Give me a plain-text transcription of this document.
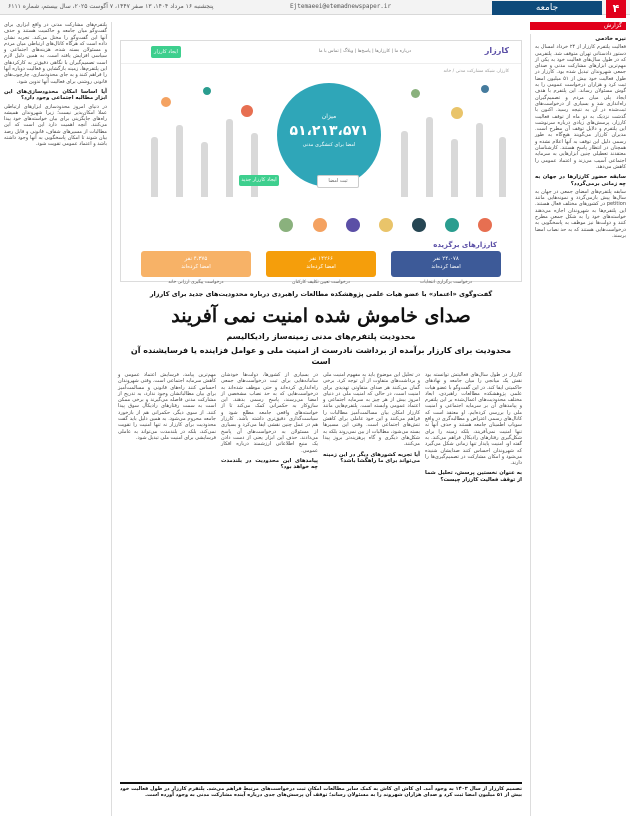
۴
جامعه
Ejtemaeei@etemadnewspaper.ir
پنجشنبه ۱۶ مرداد ۱۴۰۴، ۱۳ صفر ۱۴۴۷، ۷ آگوست ۲۰۲۵، سال بیستم، شماره ۶۱۱۱
گزارش
نیره خادمی
فعالیت پلتفرم کارزار از ۲۴ خرداد امسال به دستور دادستانی تهران متوقف شد. پلتفرمی که در طول سال‌های فعالیت خود به یکی از مهم‌ترین ابزارهای مشارکت مدنی و صدای جمعی شهروندان تبدیل شده بود. کارزار در طول فعالیت خود بیش از ۵۱ میلیون امضا ثبت کرد و هزاران درخواست عمومی را به گوش مسئولان رساند. این پلتفرم با هدف ایجاد پلی میان مردم و تصمیم‌گیران راه‌اندازی شد و بسیاری از درخواست‌های ثبت‌شده در آن به نتیجه رسید. اکنون با گذشت نزدیک به دو ماه از توقف فعالیت کارزار، پرسش‌های زیادی درباره سرنوشت این پلتفرم و دلایل توقف آن مطرح است. مدیران کارزار می‌گویند هیچ‌گاه به طور رسمی دلیل این توقف به آنها اعلام نشده و همچنان در انتظار پاسخ هستند. کارشناسان معتقدند تعطیلی چنین ابزارهایی به سرمایه اجتماعی آسیب می‌زند و اعتماد عمومی را کاهش می‌دهد.
سابقه حضور کارزار‌ها در جهان به چه زمانی برمی‌گردد؟
سابقه پلتفرم‌های امضای جمعی در جهان به سال‌ها پیش بازمی‌گردد و نمونه‌هایی مانند petition در کشورهای مختلف فعال هستند. این پلتفرم‌ها به شهروندان اجازه می‌دهند خواسته‌های خود را به شکل جمعی مطرح کنند و دولت‌ها نیز موظف به پاسخگویی به درخواست‌هایی هستند که به حد نصاب امضا برسند.
کارزار
درباره ما | کارزارها | پاسخ‌ها | وبلاگ | تماس با ما
ایجاد کارزار
کارزار، شبکه مشارکت مدنی / خانه
میزان
۵۱،۲۱۳،۵۷۱
امضا برای کنشگری مدنی
ایجاد کارزار جدید	ثبت امضا

کارزارهای برگزیده
۲۴،۰۷۸ نفر
امضا کرده‌اند
درخواست برگزاری انتخابات
۱۴۲۶۶ نفر
امضا کرده‌اند
درخواست تعیین تکلیف کارکنان
۴،۳۷۵ نفر
امضا کرده‌اند
درخواست پیگیری ارزانی خانه
گفت‌وگوی «اعتماد» با عضو هیات علمی پژوهشکده مطالعات راهبردی درباره محدودیت‌های جدید برای کارزار
صدای خاموش شده امنیت نمی آفریند
محدودیت پلتفرم‌های مدنی زمینه‌ساز رادیکالیسم
محدودیت برای کارزار برآمده از برداشت نادرست از امنیت ملی و عوامل فزاینده یا فرسایشنده آن است
کارزار در طول سال‌های فعالیتش توانسته بود نقش یک میانجی را میان جامعه و نهادهای حاکمیتی ایفا کند. در این گفت‌وگو با عضو هیات علمی پژوهشکده مطالعات راهبردی، ابعاد مختلف محدودیت‌های اعمال‌شده بر این پلتفرم و پیامدهای آن بر سرمایه اجتماعی و امنیت ملی را بررسی کرده‌ایم. او معتقد است که کانال‌های رسمی اعتراض و مطالبه‌گری در واقع سوپاپ اطمینان جامعه هستند و حذف آنها نه تنها امنیت نمی‌آفریند، بلکه زمینه را برای شکل‌گیری رفتارهای رادیکال فراهم می‌کند. به گفته او، امنیت پایدار تنها زمانی شکل می‌گیرد که شهروندان احساس کنند صدایشان شنیده می‌شود و امکان مشارکت در تصمیم‌گیری‌ها را دارند.
به عنوان نخستین پرسش، تحلیل شما از توقف فعالیت کارزار چیست؟
در تحلیل این موضوع باید به مفهوم امنیت ملی و برداشت‌های متفاوت از آن توجه کرد. برخی گمان می‌کنند هر صدای متفاوتی تهدیدی برای امنیت است، در حالی که امنیت ملی در دنیای امروز بیش از هر چیز به سرمایه اجتماعی و اعتماد عمومی وابسته است. پلتفرم‌هایی مانند کارزار امکان بیان مسالمت‌آمیز مطالبات را فراهم می‌کنند و این خود عاملی برای کاهش تنش‌های اجتماعی است. وقتی این مسیرها بسته می‌شود، مطالبات از بین نمی‌روند بلکه به شکل‌های دیگری و گاه پرهزینه‌تر بروز پیدا می‌کنند.
آیا تجربه کشورهای دیگر در این زمینه می‌تواند برای ما راهگشا باشد؟
در بسیاری از کشورها، دولت‌ها خودشان سامانه‌هایی برای ثبت درخواست‌های جمعی راه‌اندازی کرده‌اند و حتی موظف شده‌اند به درخواست‌هایی که به حد نصاب مشخصی از امضا می‌رسند، پاسخ رسمی بدهند. این سازوکار به حکمرانی کمک می‌کند تا از خواسته‌های واقعی جامعه مطلع شود و سیاست‌گذاری دقیق‌تری داشته باشد. کارزار هم در عمل چنین نقشی ایفا می‌کرد و بسیاری از مسئولان به درخواست‌های آن پاسخ می‌دادند. حذف این ابزار یعنی از دست دادن یک منبع اطلاعاتی ارزشمند درباره افکار عمومی.
پیامدهای این محدودیت در بلندمدت چه خواهد بود؟
مهم‌ترین پیامد، فرسایش اعتماد عمومی و کاهش سرمایه اجتماعی است. وقتی شهروندان احساس کنند راه‌های قانونی و مسالمت‌آمیز برای بیان مطالباتشان وجود ندارد، به تدریج از مشارکت مدنی فاصله می‌گیرند و برخی ممکن است به سمت رفتارهای رادیکال سوق پیدا کنند. از سوی دیگر، حکمرانی هم از بازخورد جامعه محروم می‌شود. به همین دلیل باید گفت محدودیت برای کارزار نه تنها امنیت را تقویت نمی‌کند، بلکه در بلندمدت می‌تواند به عاملی فرسایشی برای امنیت ملی تبدیل شود.
تصمیم کارزار از سال ۱۴۰۳ به وجود آمد. ای کاش ای کاش به کمک سایر مطالعات امکان ثبت درخواست‌های مرتبط فراهم می‌شد. پلتفرم کارزار در طول فعالیت خود بیش از ۵۱ میلیون امضا ثبت کرد و صدای هزاران شهروند را به مسئولان رساند؛ توقف آن پرسش‌های جدی درباره آینده مشارکت مدنی به وجود آورده است.
پلتفرم‌های مشارکت مدنی در واقع ابزاری برای گفت‌وگو میان جامعه و حاکمیت هستند و حذف آنها این گفت‌وگو را مختل می‌کند. تجربه نشان داده است که هرگاه کانال‌های ارتباطی میان مردم و مسئولان بسته شده، هزینه‌های اجتماعی و سیاسی افزایش یافته است. به همین دلیل لازم است تصمیم‌گیران با نگاهی دقیق‌تر به کارکردهای این پلتفرم‌ها، زمینه بازگشایی و فعالیت دوباره آنها را فراهم کنند و به جای محدودسازی، چارچوب‌های قانونی روشنی برای فعالیت آنها تدوین شود.
آیا اساسا امکان محدودسازی‌های این ابزار مطالبه اجتماعی وجود دارد؟
در دنیای امروز محدودسازی ابزارهای ارتباطی عملا امکان‌پذیر نیست؛ زیرا شهروندان همیشه راه‌های جایگزینی برای بیان خواسته‌های خود پیدا می‌کنند. آنچه اهمیت دارد این است که این مطالبات از مسیرهای شفاف، قانونی و قابل رصد بیان شوند تا امکان پاسخگویی به آنها وجود داشته باشد و اعتماد عمومی تقویت شود.
